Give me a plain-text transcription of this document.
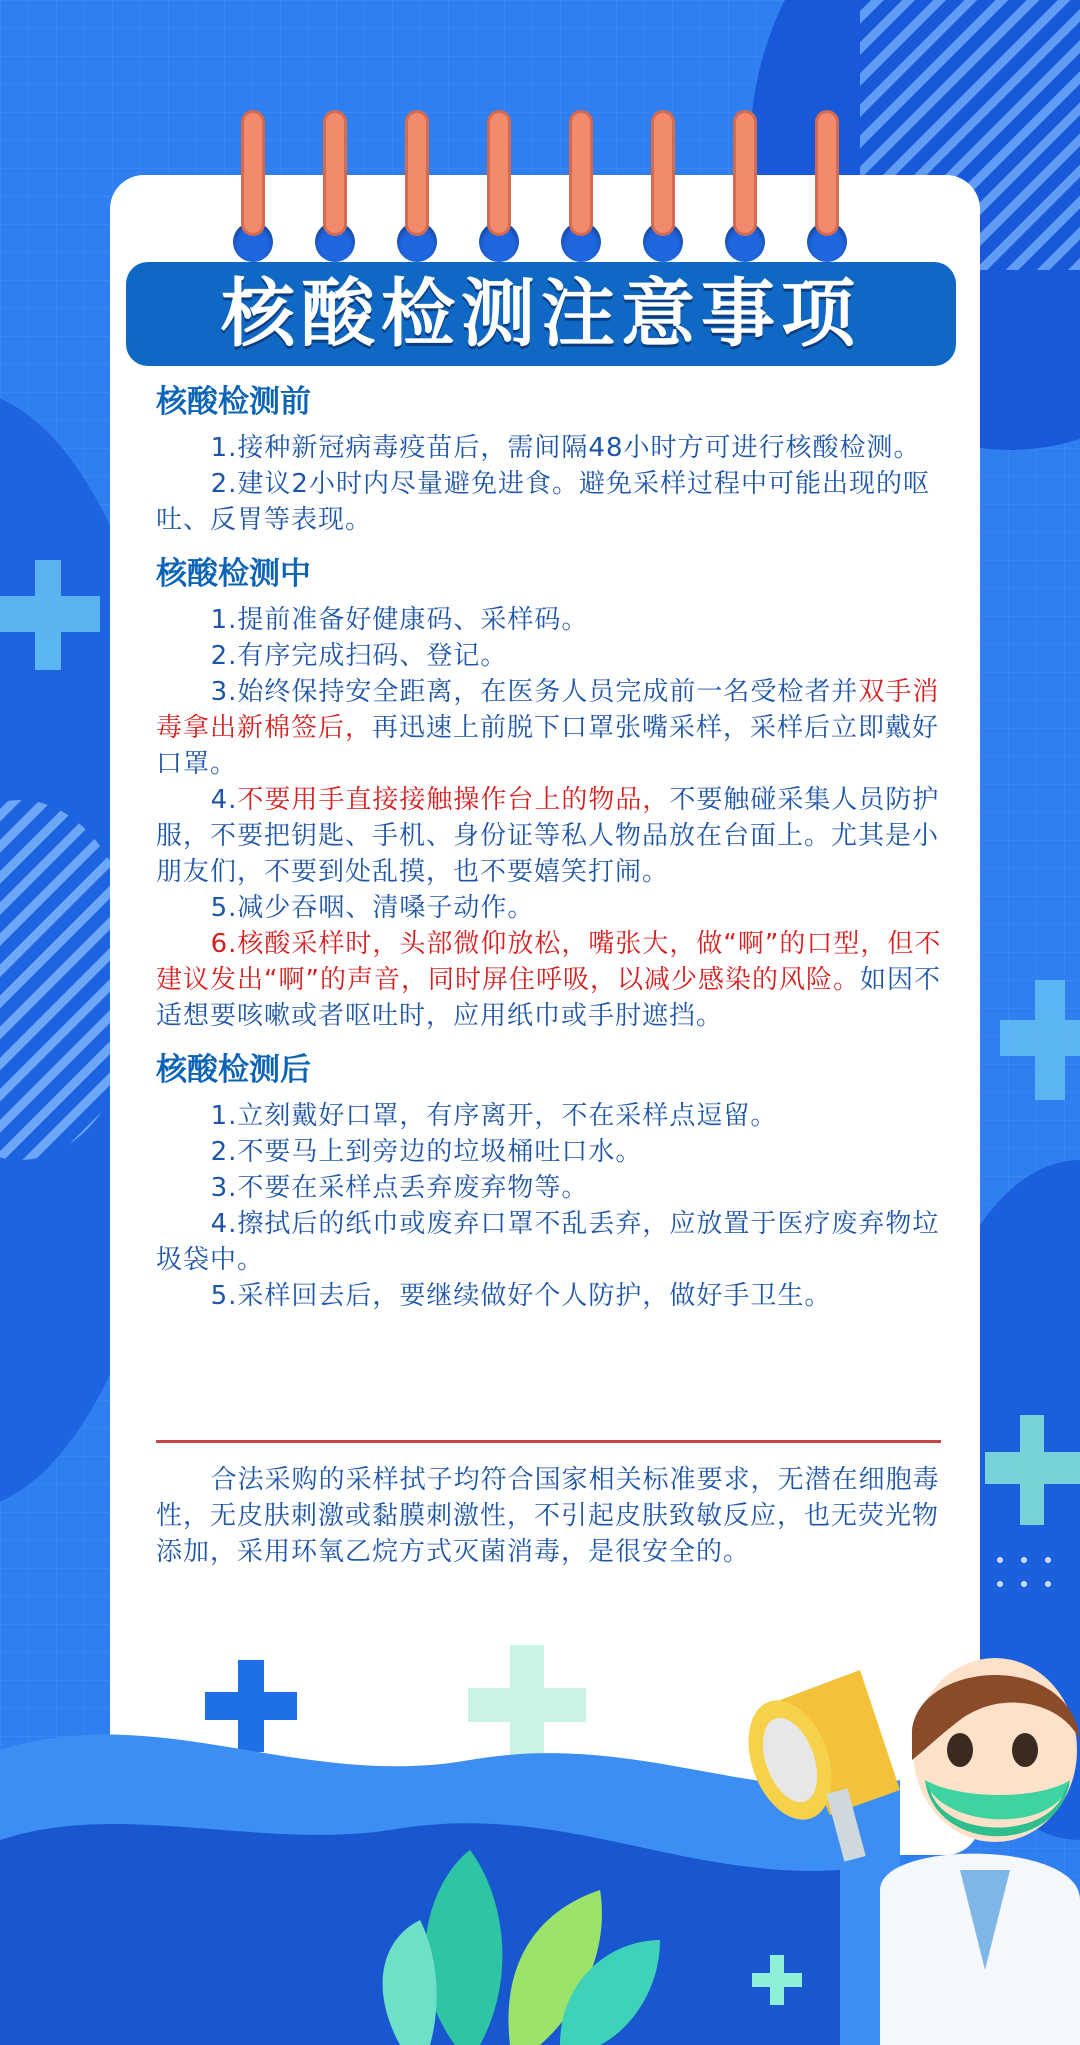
核酸检测注意事项
核酸检测前

1.接种新冠病毒疫苗后，需间隔48小时方可进行核酸检测。

2.建议2小时内尽量避免进食。避免采样过程中可能出现的呕吐、反胃等表现。

核酸检测中

1.提前准备好健康码、采样码。

2.有序完成扫码、登记。

3.始终保持安全距离，在医务人员完成前一名受检者并双手消毒拿出新棉签后，再迅速上前脱下口罩张嘴采样，采样后立即戴好口罩。

4.不要用手直接接触操作台上的物品，不要触碰采集人员防护服，不要把钥匙、手机、身份证等私人物品放在台面上。尤其是小朋友们，不要到处乱摸，也不要嬉笑打闹。

5.减少吞咽、清嗓子动作。

6.核酸采样时，头部微仰放松，嘴张大，做“啊”的口型，但不建议发出“啊”的声音，同时屏住呼吸，以减少感染的风险。如因不适想要咳嗽或者呕吐时，应用纸巾或手肘遮挡。

核酸检测后

1.立刻戴好口罩，有序离开，不在采样点逗留。

2.不要马上到旁边的垃圾桶吐口水。

3.不要在采样点丢弃废弃物等。

4.擦拭后的纸巾或废弃口罩不乱丢弃，应放置于医疗废弃物垃圾袋中。

5.采样回去后，要继续做好个人防护，做好手卫生。

合法采购的采样拭子均符合国家相关标准要求，无潜在细胞毒性，无皮肤刺激或黏膜刺激性，不引起皮肤致敏反应，也无荧光物添加，采用环氧乙烷方式灭菌消毒，是很安全的。
